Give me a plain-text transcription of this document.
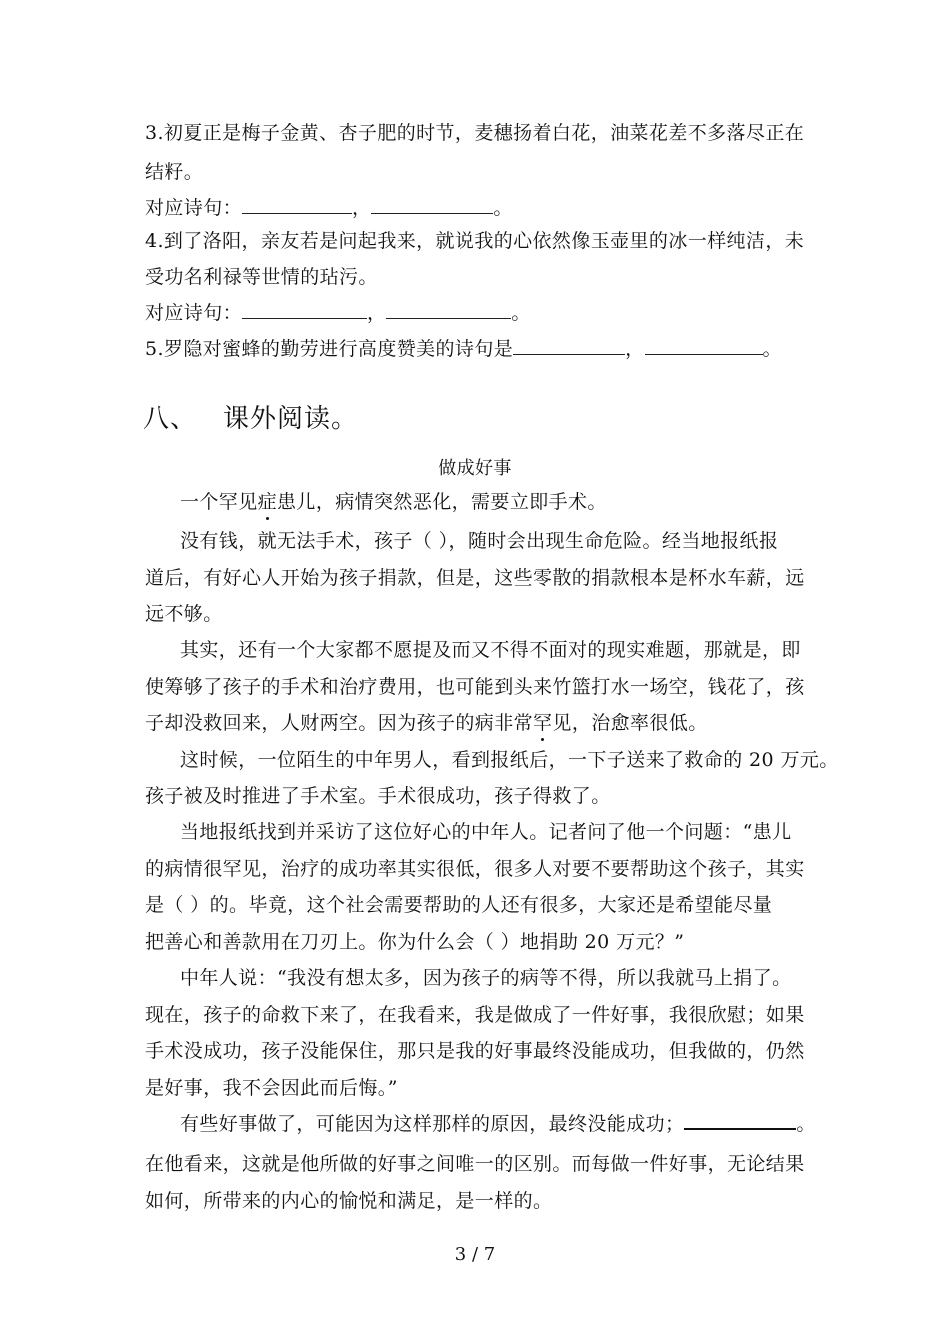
3.初夏正是梅子金黄、杏子肥的时节，麦穗扬着白花，油菜花差不多落尽正在
结籽。
对应诗句：	，	。
4.到了洛阳，亲友若是问起我来，就说我的心依然像玉壶里的冰一样纯洁，未
受功名利禄等世情的玷污。
对应诗句：	，	。
5.罗隐对蜜蜂的勤劳进行高度赞美的诗句是	，	。
八、 课外阅读。
做成好事
一个罕见症患儿，病情突然恶化，需要立即手术。
没有钱，就无法手术，孩子（ ），随时会出现生命危险。经当地报纸报
道后，有好心人开始为孩子捐款，但是，这些零散的捐款根本是杯水车薪，远
远不够。
其实，还有一个大家都不愿提及而又不得不面对的现实难题，那就是，即
使筹够了孩子的手术和治疗费用，也可能到头来竹篮打水一场空，钱花了，孩
子却没救回来，人财两空。因为孩子的病非常罕见，治愈率很低。
这时候，一位陌生的中年男人，看到报纸后，一下子送来了救命的 20 万元。
孩子被及时推进了手术室。手术很成功，孩子得救了。
当地报纸找到并采访了这位好心的中年人。记者问了他一个问题：“患儿
的病情很罕见，治疗的成功率其实很低，很多人对要不要帮助这个孩子，其实
是（ ）的。毕竟，这个社会需要帮助的人还有很多，大家还是希望能尽量
把善心和善款用在刀刃上。你为什么会（ ）地捐助 20 万元？”
中年人说：“我没有想太多，因为孩子的病等不得，所以我就马上捐了。
现在，孩子的命救下来了，在我看来，我是做成了一件好事，我很欣慰；如果
手术没成功，孩子没能保住，那只是我的好事最终没能成功，但我做的，仍然
是好事，我不会因此而后悔。”
有些好事做了，可能因为这样那样的原因，最终没能成功；	。
在他看来，这就是他所做的好事之间唯一的区别。而每做一件好事，无论结果
如何，所带来的内心的愉悦和满足，是一样的。
3 / 7
